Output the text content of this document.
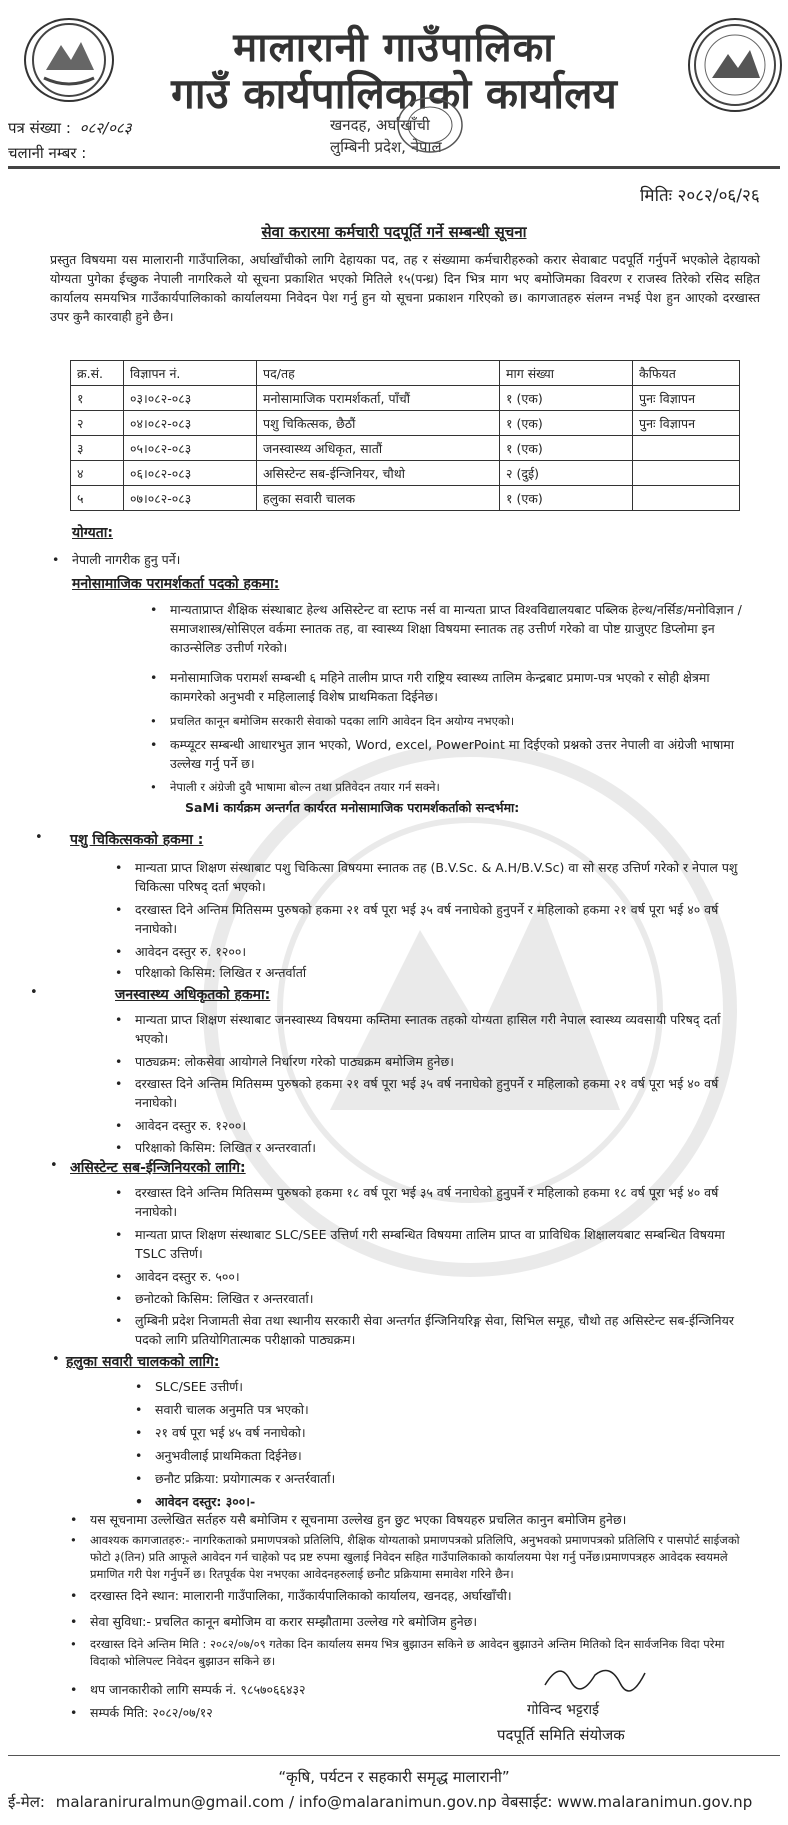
मालारानी गाउँपालिका
गाउँ कार्यपालिकाको कार्यालय
खनदह, अर्घाखाँची
लुम्बिनी प्रदेश, नेपाल
पत्र संख्या : ०८२/०८३
चलानी नम्बर :
मितिः २०८२/०६/२६
सेवा करारमा कर्मचारी पदपूर्ति गर्ने सम्बन्धी सूचना
प्रस्तुत विषयमा यस मालारानी गाउँपालिका, अर्घाखाँचीको लागि देहायका पद, तह र संख्यामा कर्मचारीहरुको करार सेवाबाट पदपूर्ति गर्नुपर्ने भएकोले देहायको योग्यता पुगेका ईच्छुक नेपाली नागरिकले यो सूचना प्रकाशित भएको मितिले १५(पन्ध्र) दिन भित्र माग भए बमोजिमका विवरण र राजस्व तिरेको रसिद सहित कार्यालय समयभित्र गाउँकार्यपालिकाको कार्यालयमा निवेदन पेश गर्नु हुन यो सूचना प्रकाशन गरिएको छ। कागजातहरु संलग्न नभई पेश हुन आएको दरखास्त उपर कुनै कारवाही हुने छैन।
क्र.सं.	विज्ञापन नं.	पद/तह	माग संख्या	कैफियत
१	०३।०८२-०८३	मनोसामाजिक परामर्शकर्ता, पाँचौं	१ (एक)	पुनः विज्ञापन
२	०४।०८२-०८३	पशु चिकित्सक, छैठौं	१ (एक)	पुनः विज्ञापन
३	०५।०८२-०८३	जनस्वास्थ्य अधिकृत, सातौं	१ (एक)	
४	०६।०८२-०८३	असिस्टेन्ट सब-ईन्जिनियर, चौथो	२ (दुई)	
५	०७।०८२-०८३	हलुका सवारी चालक	१ (एक)	
योग्यता:
• नेपाली नागरीक हुनु पर्ने।
मनोसामाजिक परामर्शकर्ता पदको हकमा:
• मान्यताप्राप्त शैक्षिक संस्थाबाट हेल्थ असिस्टेन्ट वा स्टाफ नर्स वा मान्यता प्राप्त विश्वविद्यालयबाट पब्लिक हेल्थ/नर्सिङ/मनोविज्ञान /समाजशास्त्र/सोसिएल वर्कमा स्नातक तह, वा स्वास्थ्य शिक्षा विषयमा स्नातक तह उत्तीर्ण गरेको वा पोष्ट ग्राजुएट डिप्लोमा इन काउन्सेलिङ उत्तीर्ण गरेको।
• मनोसामाजिक परामर्श सम्बन्धी ६ महिने तालीम प्राप्त गरी राष्ट्रिय स्वास्थ्य तालिम केन्द्रबाट प्रमाण-पत्र भएको र सोही क्षेत्रमा कामगरेको अनुभवी र महिलालाई विशेष प्राथमिकता दिईनेछ।
• प्रचलित कानून बमोजिम सरकारी सेवाको पदका लागि आवेदन दिन अयोग्य नभएको।
• कम्प्यूटर सम्बन्धी आधारभुत ज्ञान भएको, Word, excel, PowerPoint मा दिईएको प्रश्नको उत्तर नेपाली वा अंग्रेजी भाषामा उल्लेख गर्नु पर्ने छ।
• नेपाली र अंग्रेजी दुवै भाषामा बोल्न तथा प्रतिवेदन तयार गर्न सक्ने।
SaMi कार्यक्रम अन्तर्गत कार्यरत मनोसामाजिक परामर्शकर्ताको सन्दर्भमा:
• पशु चिकित्सकको हकमा :
• मान्यता प्राप्त शिक्षण संस्थाबाट पशु चिकित्सा विषयमा स्नातक तह (B.V.Sc. & A.H/B.V.Sc) वा सो सरह उत्तिर्ण गरेको र नेपाल पशु चिकित्सा परिषद् दर्ता भएको।
• दरखास्त दिने अन्तिम मितिसम्म पुरुषको हकमा २१ वर्ष पूरा भई ३५ वर्ष ननाघेको हुनुपर्ने र महिलाको हकमा २१ वर्ष पूरा भई ४० वर्ष ननाघेको।
• आवेदन दस्तुर रु. १२००।
• परिक्षाको किसिम: लिखित र अन्तर्वार्ता
•	जनस्वास्थ्य अधिकृतको हकमा:
• मान्यता प्राप्त शिक्षण संस्थाबाट जनस्वास्थ्य विषयमा कम्तिमा स्नातक तहको योग्यता हासिल गरी नेपाल स्वास्थ्य व्यवसायी परिषद् दर्ता भएको।
• पाठ्यक्रम: लोकसेवा आयोगले निर्धारण गरेको पाठ्यक्रम बमोजिम हुनेछ।
• दरखास्त दिने अन्तिम मितिसम्म पुरुषको हकमा २१ वर्ष पूरा भई ३५ वर्ष ननाघेको हुनुपर्ने र महिलाको हकमा २१ वर्ष पूरा भई ४० वर्ष ननाघेको।
• आवेदन दस्तुर रु. १२००।
• परिक्षाको किसिम: लिखित र अन्तरवार्ता।
• असिस्टेन्ट सब-ईन्जिनियरको लागि:
• दरखास्त दिने अन्तिम मितिसम्म पुरुषको हकमा १८ वर्ष पूरा भई ३५ वर्ष ननाघेको हुनुपर्ने र महिलाको हकमा १८ वर्ष पूरा भई ४० वर्ष ननाघेको।
• मान्यता प्राप्त शिक्षण संस्थाबाट SLC/SEE उत्तिर्ण गरी सम्बन्धित विषयमा तालिम प्राप्त वा प्राविधिक शिक्षालयबाट सम्बन्धित विषयमा TSLC उत्तिर्ण।
• आवेदन दस्तुर रु. ५००।
• छनोटको किसिम: लिखित र अन्तरवार्ता।
• लुम्बिनी प्रदेश निजामती सेवा तथा स्थानीय सरकारी सेवा अन्तर्गत ईन्जिनियरिङ्ग सेवा, सिभिल समूह, चौथो तह असिस्टेन्ट सब-ईन्जिनियर पदको लागि प्रतियोगितात्मक परीक्षाको पाठ्यक्रम।
• हलुका सवारी चालकको लागि:
• SLC/SEE उत्तीर्ण।
• सवारी चालक अनुमति पत्र भएको।
• २१ वर्ष पूरा भई ४५ वर्ष ननाघेको।
• अनुभवीलाई प्राथमिकता दिईनेछ।
• छनौट प्रक्रिया: प्रयोगात्मक र अन्तर्रवार्ता।
• आवेदन दस्तुर: ३००।-
• यस सूचनामा उल्लेखित सर्तहरु यसै बमोजिम र सूचनामा उल्लेख हुन छुट भएका विषयहरु प्रचलित कानुन बमोजिम हुनेछ।
• आवश्यक कागजातहरु:- नागरिकताको प्रमाणपत्रको प्रतिलिपि, शैक्षिक योग्यताको प्रमाणपत्रको प्रतिलिपि, अनुभवको प्रमाणपत्रको प्रतिलिपि र पासपोर्ट साईजको फोटो ३(तिन) प्रति आफूले आवेदन गर्न चाहेको पद प्रष्ट रुपमा खुलाई निवेदन सहित गाउँपालिकाको कार्यालयमा पेश गर्नु पर्नेछ।प्रमाणपत्रहरु आवेदक स्वयमले प्रमाणित गरी पेश गर्नुपर्ने छ। रितपूर्वक पेश नभएका आवेदनहरुलाई छनौट प्रक्रियामा समावेश गरिने छैन।
• दरखास्त दिने स्थान: मालारानी गाउँपालिका, गाउँकार्यपालिकाको कार्यालय, खनदह, अर्घाखाँची।
• सेवा सुविधा:- प्रचलित कानून बमोजिम वा करार सम्झौतामा उल्लेख गरे बमोजिम हुनेछ।
• दरखास्त दिने अन्तिम मिति : २०८२/०७/०९ गतेका दिन कार्यालय समय भित्र बुझाउन सकिने छ आवेदन बुझाउने अन्तिम मितिको दिन सार्वजनिक विदा परेमा विदाको भोलिपल्ट निवेदन बुझाउन सकिने छ।
• थप जानकारीको लागि सम्पर्क नं. ९८५७०६६४३२
• सम्पर्क मिति: २०८२/०७/१२	गोविन्द भट्टराई
पदपूर्ति समिति संयोजक
“कृषि, पर्यटन र सहकारी समृद्ध मालारानी”
ई-मेल: malaraniruralmun@gmail.com / info@malaranimun.gov.np वेबसाईट: www.malaranimun.gov.np
